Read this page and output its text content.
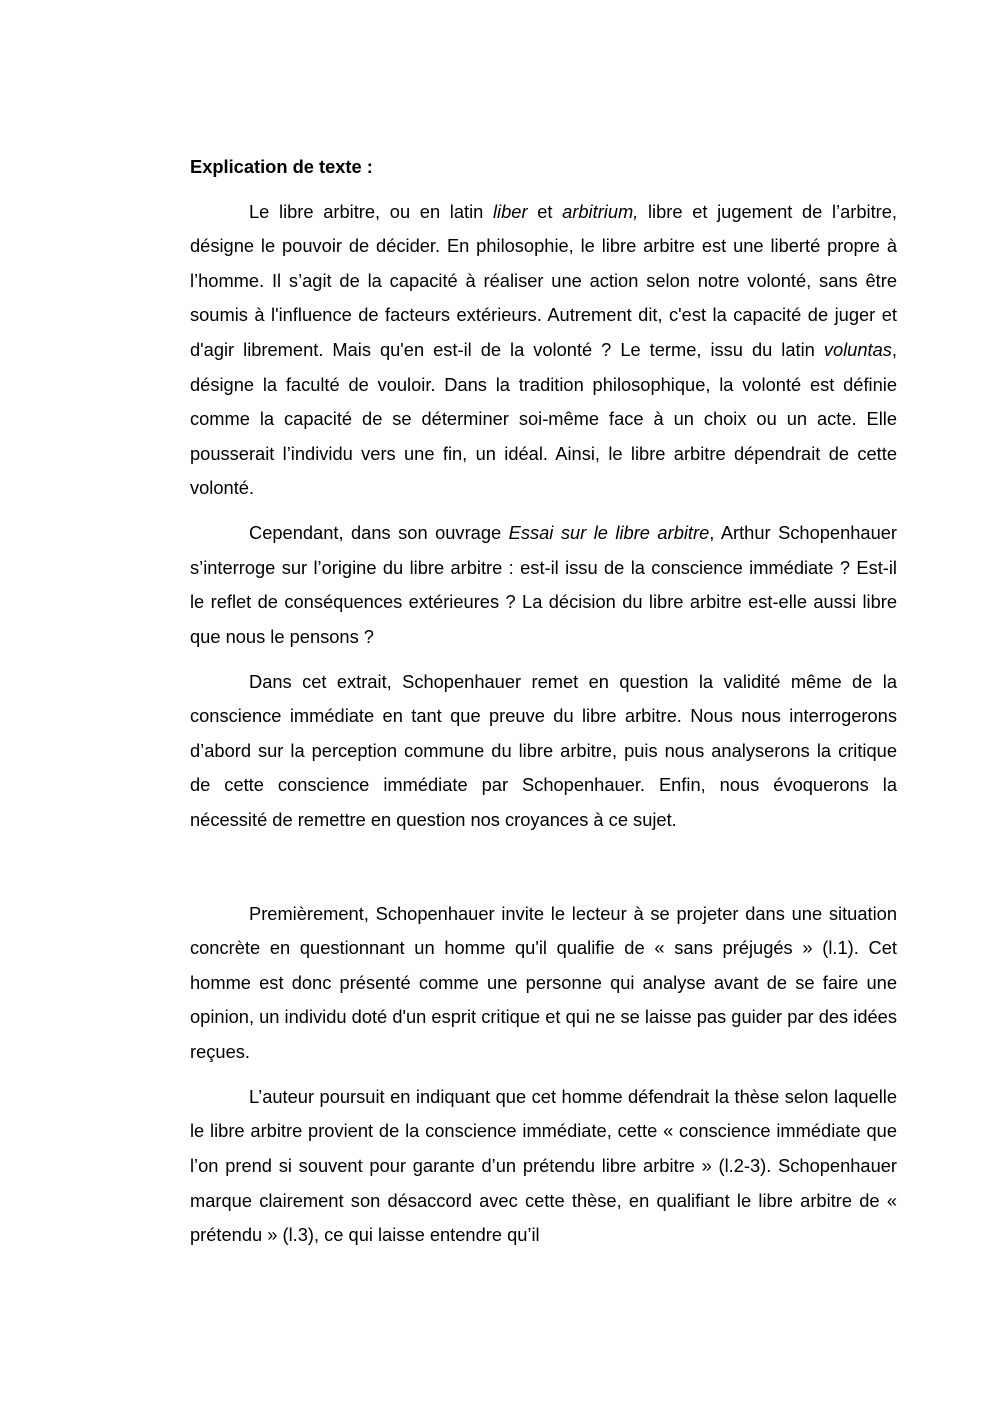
Explication de texte :

Le libre arbitre, ou en latin liber et arbitrium, libre et jugement de l’arbitre, désigne le pouvoir de décider. En philosophie, le libre arbitre est une liberté propre à l’homme. Il s’agit de la capacité à réaliser une action selon notre volonté, sans être soumis à l'influence de facteurs extérieurs. Autrement dit, c'est la capacité de juger et d'agir librement. Mais qu'en est-il de la volonté ? Le terme, issu du latin voluntas, désigne la faculté de vouloir. Dans la tradition philosophique, la volonté est définie comme la capacité de se déterminer soi-même face à un choix ou un acte. Elle pousserait l’individu vers une fin, un idéal. Ainsi, le libre arbitre dépendrait de cette volonté.

Cependant, dans son ouvrage Essai sur le libre arbitre, Arthur Schopenhauer s’interroge sur l’origine du libre arbitre : est-il issu de la conscience immédiate ? Est-il le reflet de conséquences extérieures ? La décision du libre arbitre est-elle aussi libre que nous le pensons ?

Dans cet extrait, Schopenhauer remet en question la validité même de la conscience immédiate en tant que preuve du libre arbitre. Nous nous interrogerons d’abord sur la perception commune du libre arbitre, puis nous analyserons la critique de cette conscience immédiate par Schopenhauer. Enfin, nous évoquerons la nécessité de remettre en question nos croyances à ce sujet.

Premièrement, Schopenhauer invite le lecteur à se projeter dans une situation concrète en questionnant un homme qu'il qualifie de « sans préjugés » (l.1). Cet homme est donc présenté comme une personne qui analyse avant de se faire une opinion, un individu doté d'un esprit critique et qui ne se laisse pas guider par des idées reçues.

L’auteur poursuit en indiquant que cet homme défendrait la thèse selon laquelle le libre arbitre provient de la conscience immédiate, cette « conscience immédiate que l’on prend si souvent pour garante d’un prétendu libre arbitre » (l.2-3). Schopenhauer marque clairement son désaccord avec cette thèse, en qualifiant le libre arbitre de « prétendu » (l.3), ce qui laisse entendre qu’il
